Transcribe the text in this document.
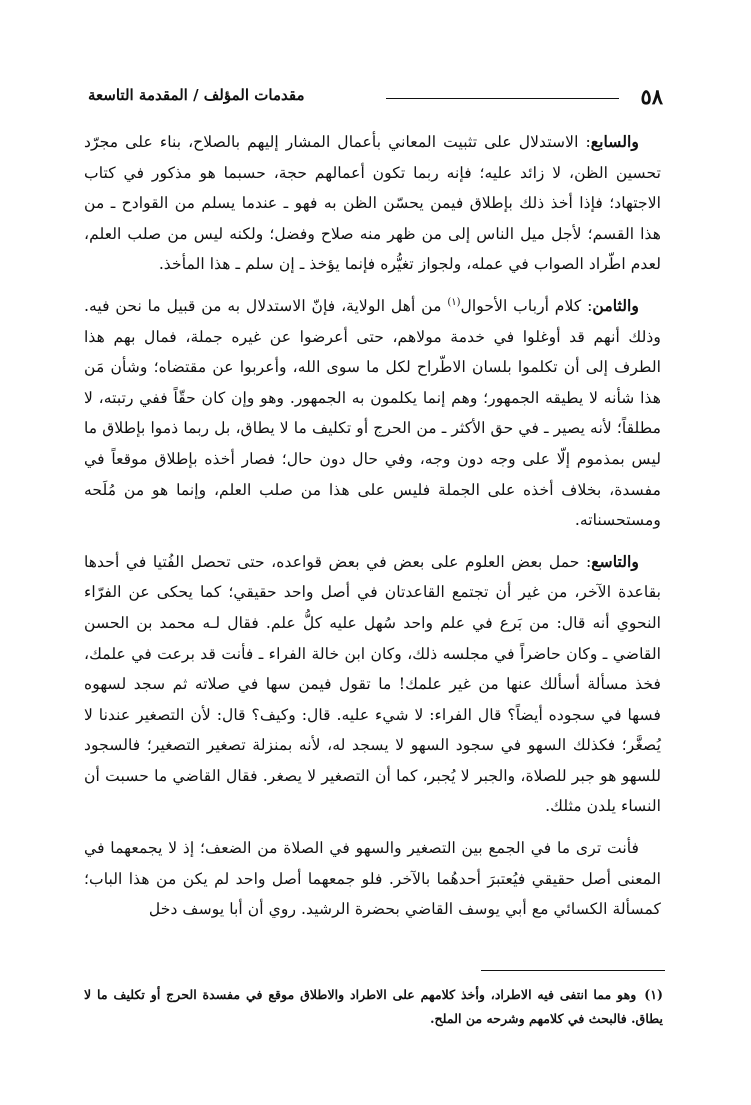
٥٨
مقدمات المؤلف / المقدمة التاسعة

والسابع: الاستدلال على تثبيت المعاني بأعمال المشار إليهم بالصلاح، بناء على مجرّد تحسين الظن، لا زائد عليه؛ فإنه ربما تكون أعمالهم حجة، حسبما هو مذكور في كتاب الاجتهاد؛ فإذا أخذ ذلك بإطلاق فيمن يحسّن الظن به فهو ـ عندما يسلم من القوادح ـ من هذا القسم؛ لأجل ميل الناس إلى من ظهر منه صلاح وفضل؛ ولكنه ليس من صلب العلم، لعدم اطّراد الصواب في عمله، ولجواز تغيُّره فإنما يؤخذ ـ إن سلم ـ هذا المأخذ.

والثامن: كلام أرباب الأحوال$^{(١)}$ من أهل الولاية، فإنّ الاستدلال به من قبيل ما نحن فيه. وذلك أنهم قد أوغلوا في خدمة مولاهم، حتى أعرضوا عن غيره جملة، فمال بهم هذا الطرف إلى أن تكلموا بلسان الاطّراح لكل ما سوى الله، وأعربوا عن مقتضاه؛ وشأن مَن هذا شأنه لا يطيقه الجمهور؛ وهم إنما يكلمون به الجمهور. وهو وإن كان حقّاً ففي رتبته، لا مطلقاً؛ لأنه يصير ـ في حق الأكثر ـ من الحرج أو تكليف ما لا يطاق، بل ربما ذموا بإطلاق ما ليس بمذموم إلّا على وجه دون وجه، وفي حال دون حال؛ فصار أخذه بإطلاق موقعاً في مفسدة، بخلاف أخذه على الجملة فليس على هذا من صلب العلم، وإنما هو من مُلَحه ومستحسناته.

والتاسع: حمل بعض العلوم على بعض في بعض قواعده، حتى تحصل الفُتيا في أحدها بقاعدة الآخر، من غير أن تجتمع القاعدتان في أصل واحد حقيقي؛ كما يحكى عن الفرّاء النحوي أنه قال: من بَرع في علم واحد سُهل عليه كلُّ علم. فقال لـه محمد بن الحسن القاضي ـ وكان حاضراً في مجلسه ذلك، وكان ابن خالة الفراء ـ فأنت قد برعت في علمك، فخذ مسألة أسألك عنها من غير علمك! ما تقول فيمن سها في صلاته ثم سجد لسهوه فسها في سجوده أيضاً؟ قال الفراء: لا شيء عليه. قال: وكيف؟ قال: لأن التصغير عندنا لا يُصغَّر؛ فكذلك السهو في سجود السهو لا يسجد له، لأنه بمنزلة تصغير التصغير؛ فالسجود للسهو هو جبر للصلاة، والجبر لا يُجبر، كما أن التصغير لا يصغر. فقال القاضي ما حسبت أن النساء يلدن مثلك.

فأنت ترى ما في الجمع بين التصغير والسهو في الصلاة من الضعف؛ إذ لا يجمعهما في المعنى أصل حقيقي فيُعتبرَ أحدهُما بالآخر. فلو جمعهما أصل واحد لم يكن من هذا الباب؛ كمسألة الكسائي مع أبي يوسف القاضي بحضرة الرشيد. روي أن أبا يوسف دخل

(١)وهو مما انتفى فيه الاطراد، وأخذ كلامهم على الاطراد والاطلاق موقع في مفسدة الحرج أو تكليف ما لا يطاق. فالبحث في كلامهم وشرحه من الملح.
